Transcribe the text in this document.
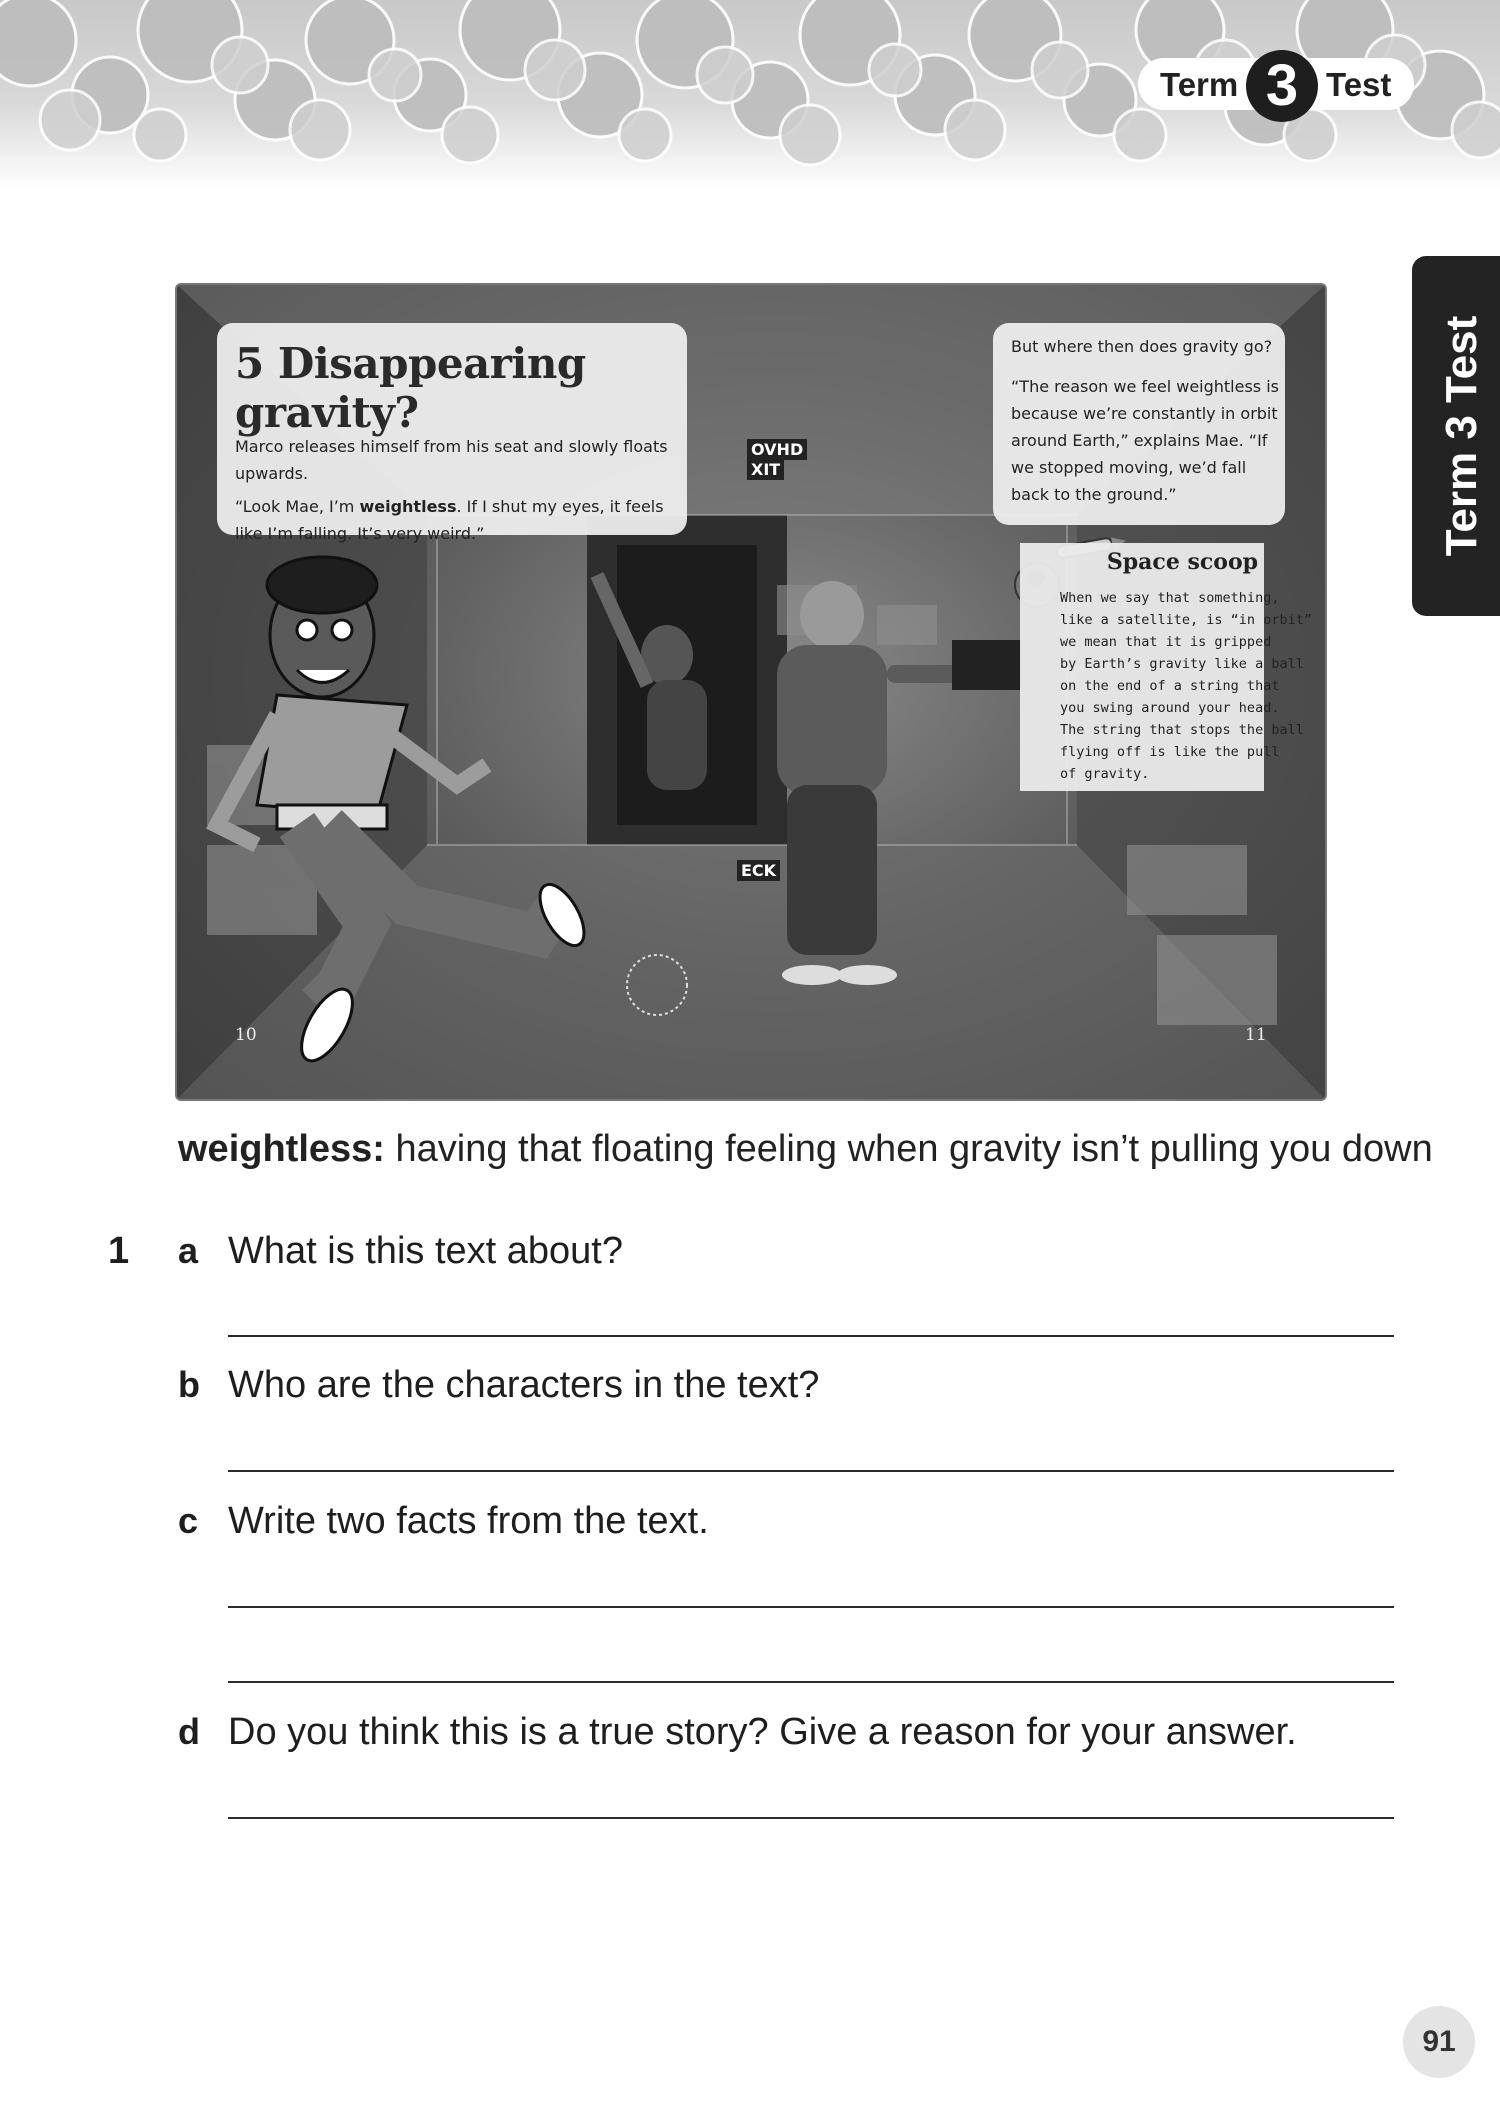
Term 3 Test
Term 3 Test
OVHD
XIT
ECK
5 Disappearing gravity?

Marco releases himself from his seat and slowly floats upwards.

“Look Mae, I’m weightless. If I shut my eyes, it feels like I’m falling. It’s very weird.”

But where then does gravity go?

“The reason we feel weightless is because we’re constantly in orbit around Earth,” explains Mae. “If we stopped moving, we’d fall back to the ground.”

Space scoop

When we say that something,
like a satellite, is “in orbit”
we mean that it is gripped
by Earth’s gravity like a ball
on the end of a string that
you swing around your head.
The string that stops the ball
flying off is like the pull
of gravity.

10	11
weightless: having that floating feeling when gravity isn’t pulling you down
1 a What is this text about?
b Who are the characters in the text?
c Write two facts from the text.
d Do you think this is a true story? Give a reason for your answer.
91
